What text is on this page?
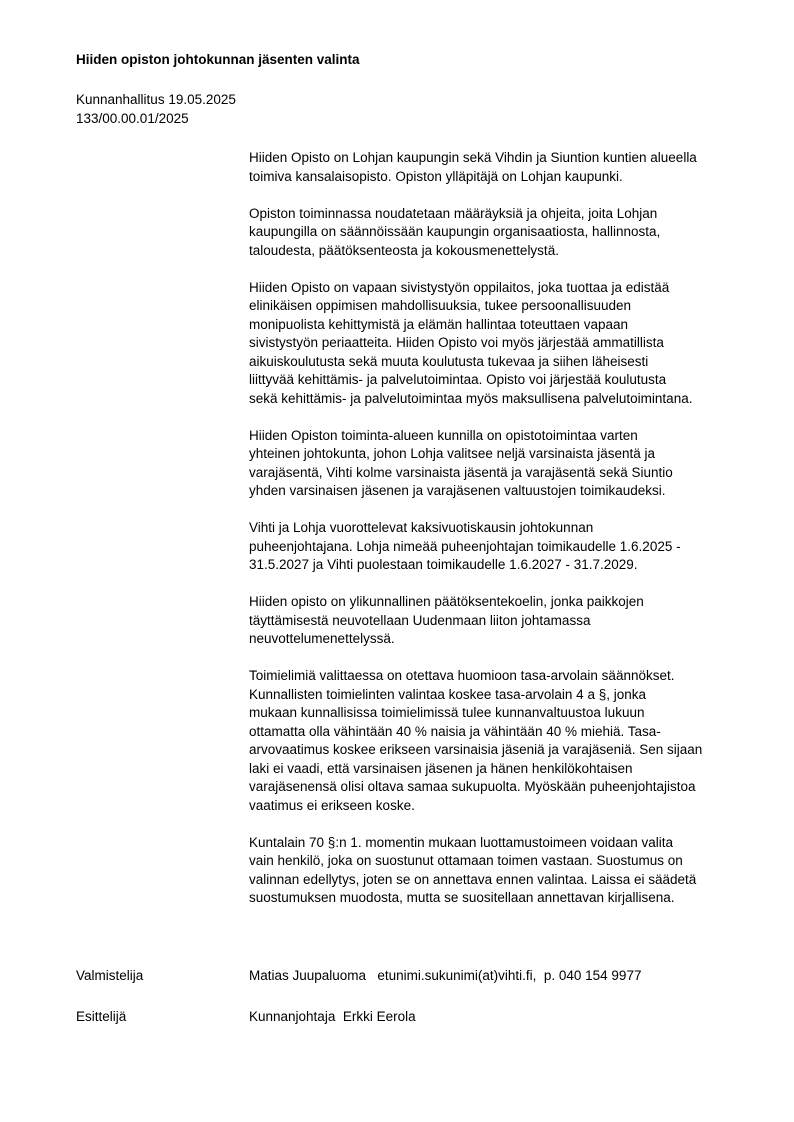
Hiiden opiston johtokunnan jäsenten valinta
Kunnanhallitus 19.05.2025
133/00.00.01/2025
Hiiden Opisto on Lohjan kaupungin sekä Vihdin ja Siuntion kuntien alueella
toimiva kansalaisopisto. Opiston ylläpitäjä on Lohjan kaupunki.
Opiston toiminnassa noudatetaan määräyksiä ja ohjeita, joita Lohjan
kaupungilla on säännöissään kaupungin organisaatiosta, hallinnosta,
taloudesta, päätöksenteosta ja kokousmenettelystä.
Hiiden Opisto on vapaan sivistystyön oppilaitos, joka tuottaa ja edistää
elinikäisen oppimisen mahdollisuuksia, tukee persoonallisuuden
monipuolista kehittymistä ja elämän hallintaa toteuttaen vapaan
sivistystyön periaatteita. Hiiden Opisto voi myös järjestää ammatillista
aikuiskoulutusta sekä muuta koulutusta tukevaa ja siihen läheisesti
liittyvää kehittämis- ja palvelutoimintaa. Opisto voi järjestää koulutusta
sekä kehittämis- ja palvelutoimintaa myös maksullisena palvelutoimintana.
Hiiden Opiston toiminta-alueen kunnilla on opistotoimintaa varten
yhteinen johtokunta, johon Lohja valitsee neljä varsinaista jäsentä ja
varajäsentä, Vihti kolme varsinaista jäsentä ja varajäsentä sekä Siuntio
yhden varsinaisen jäsenen ja varajäsenen valtuustojen toimikaudeksi.
Vihti ja Lohja vuorottelevat kaksivuotiskausin johtokunnan
puheenjohtajana. Lohja nimeää puheenjohtajan toimikaudelle 1.6.2025 -
31.5.2027 ja Vihti puolestaan toimikaudelle 1.6.2027 - 31.7.2029.
Hiiden opisto on ylikunnallinen päätöksentekoelin, jonka paikkojen
täyttämisestä neuvotellaan Uudenmaan liiton johtamassa
neuvottelumenettelyssä.
Toimielimiä valittaessa on otettava huomioon tasa-arvolain säännökset.
Kunnallisten toimielinten valintaa koskee tasa-arvolain 4 a §, jonka
mukaan kunnallisissa toimielimissä tulee kunnanvaltuustoa lukuun
ottamatta olla vähintään 40 % naisia ja vähintään 40 % miehiä. Tasa-
arvovaatimus koskee erikseen varsinaisia jäseniä ja varajäseniä. Sen sijaan
laki ei vaadi, että varsinaisen jäsenen ja hänen henkilökohtaisen
varajäsenensä olisi oltava samaa sukupuolta. Myöskään puheenjohtajistoa
vaatimus ei erikseen koske.
Kuntalain 70 §:n 1. momentin mukaan luottamustoimeen voidaan valita
vain henkilö, joka on suostunut ottamaan toimen vastaan. Suostumus on
valinnan edellytys, joten se on annettava ennen valintaa. Laissa ei säädetä
suostumuksen muodosta, mutta se suositellaan annettavan kirjallisena.
Valmistelija	Matias Juupaluoma   etunimi.sukunimi(at)vihti.fi,  p. 040 154 9977
Esittelijä	Kunnanjohtaja  Erkki Eerola
